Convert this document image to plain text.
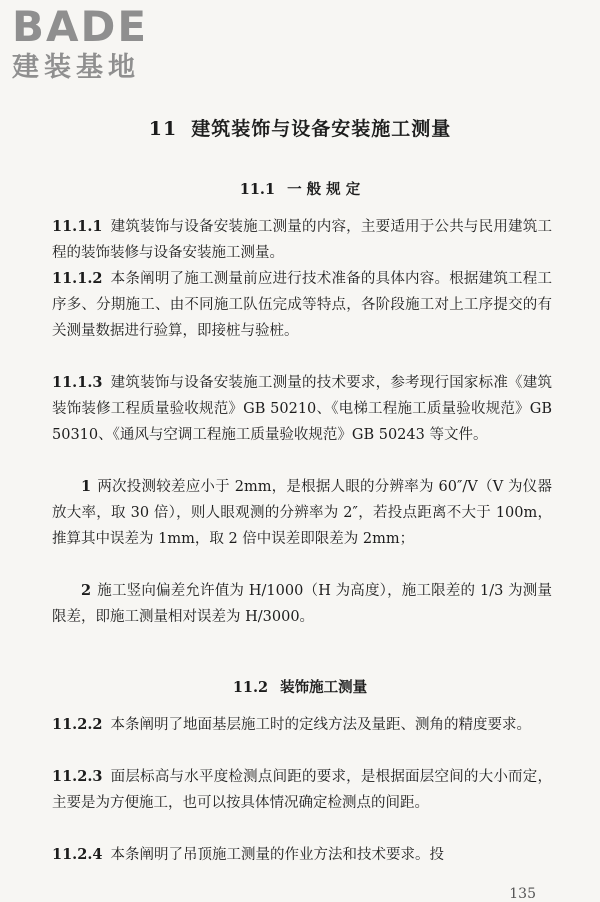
BADE
建装基地
11 建筑装饰与设备安装施工测量
11.1 一 般 规 定

11.1.1 建筑装饰与设备安装施工测量的内容，主要适用于公共与民用建筑工程的装饰装修与设备安装施工测量。

11.1.2 本条阐明了施工测量前应进行技术准备的具体内容。根据建筑工程工序多、分期施工、由不同施工队伍完成等特点，各阶段施工对上工序提交的有关测量数据进行验算，即接桩与验桩。

11.1.3 建筑装饰与设备安装施工测量的技术要求，参考现行国家标准《建筑装饰装修工程质量验收规范》GB 50210、《电梯工程施工质量验收规范》GB 50310、《通风与空调工程施工质量验收规范》GB 50243 等文件。

1 两次投测较差应小于 2mm，是根据人眼的分辨率为 60″/V（V 为仪器放大率，取 30 倍），则人眼观测的分辨率为 2″，若投点距离不大于 100m，推算其中误差为 1mm，取 2 倍中误差即限差为 2mm；

2 施工竖向偏差允许值为 H/1000（H 为高度），施工限差的 1/3 为测量限差，即施工测量相对误差为 H/3000。

11.2 装饰施工测量

11.2.2 本条阐明了地面基层施工时的定线方法及量距、测角的精度要求。

11.2.3 面层标高与水平度检测点间距的要求，是根据面层空间的大小而定，主要是为方便施工，也可以按具体情况确定检测点的间距。

11.2.4 本条阐明了吊顶施工测量的作业方法和技术要求。投

135
